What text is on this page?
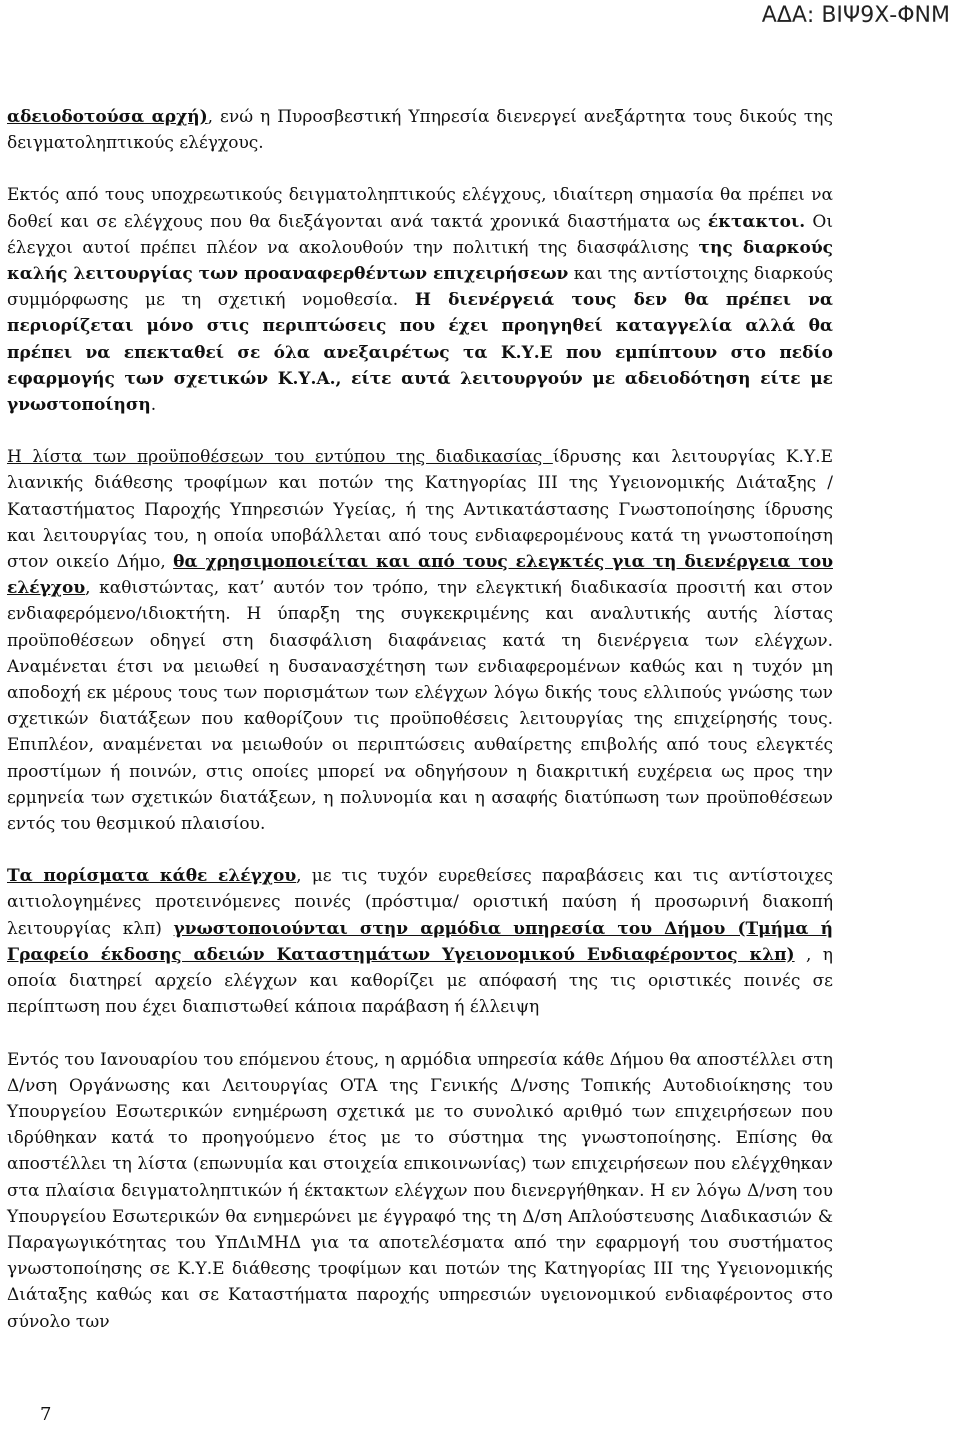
ΑΔΑ: ΒΙΨ9Χ-ΦΝΜ

αδειοδοτούσα αρχή), ενώ η Πυροσβεστική Υπηρεσία διενεργεί ανεξάρτητα τους δικούς της δειγματοληπτικούς ελέγχους.

Εκτός από τους υποχρεωτικούς δειγματοληπτικούς ελέγχους, ιδιαίτερη σημασία θα πρέπει να δοθεί και σε ελέγχους που θα διεξάγονται ανά τακτά χρονικά διαστήματα ως έκτακτοι. Οι έλεγχοι αυτοί πρέπει πλέον να ακολουθούν την πολιτική της διασφάλισης της διαρκούς καλής λειτουργίας των προαναφερθέντων επιχειρήσεων και της αντίστοιχης διαρκούς συμμόρφωσης με τη σχετική νομοθεσία. Η διενέργειά τους δεν θα πρέπει να περιορίζεται μόνο στις περιπτώσεις που έχει προηγηθεί καταγγελία αλλά θα πρέπει να επεκταθεί σε όλα ανεξαιρέτως τα Κ.Υ.Ε που εμπίπτουν στο πεδίο εφαρμογής των σχετικών Κ.Υ.Α., είτε αυτά λειτουργούν με αδειοδότηση είτε με γνωστοποίηση.

Η λίστα των προϋποθέσεων του εντύπου της διαδικασίας ίδρυσης και λειτουργίας Κ.Υ.Ε λιανικής διάθεσης τροφίμων και ποτών της Κατηγορίας ΙΙΙ της Υγειονομικής Διάταξης / Καταστήματος Παροχής Υπηρεσιών Υγείας, ή της Αντικατάστασης Γνωστοποίησης ίδρυσης και λειτουργίας του, η οποία υποβάλλεται από τους ενδιαφερομένους κατά τη γνωστοποίηση στον οικείο Δήμο, θα χρησιμοποιείται και από τους ελεγκτές για τη διενέργεια του ελέγχου, καθιστώντας, κατ’ αυτόν τον τρόπο, την ελεγκτική διαδικασία προσιτή και στον ενδιαφερόμενο/ιδιοκτήτη. Η ύπαρξη της συγκεκριμένης και αναλυτικής αυτής λίστας προϋποθέσεων οδηγεί στη διασφάλιση διαφάνειας κατά τη διενέργεια των ελέγχων. Αναμένεται έτσι να μειωθεί η δυσανασχέτηση των ενδιαφερομένων καθώς και η τυχόν μη αποδοχή εκ μέρους τους των πορισμάτων των ελέγχων λόγω δικής τους ελλιπούς γνώσης των σχετικών διατάξεων που καθορίζουν τις προϋποθέσεις λειτουργίας της επιχείρησής τους. Επιπλέον, αναμένεται να μειωθούν οι περιπτώσεις αυθαίρετης επιβολής από τους ελεγκτές προστίμων ή ποινών, στις οποίες μπορεί να οδηγήσουν η διακριτική ευχέρεια ως προς την ερμηνεία των σχετικών διατάξεων, η πολυνομία και η ασαφής διατύπωση των προϋποθέσεων εντός του θεσμικού πλαισίου.

Τα πορίσματα κάθε ελέγχου, με τις τυχόν ευρεθείσες παραβάσεις και τις αντίστοιχες αιτιολογημένες προτεινόμενες ποινές (πρόστιμα/ οριστική παύση ή προσωρινή διακοπή λειτουργίας κλπ) γνωστοποιούνται στην αρμόδια υπηρεσία του Δήμου (Τμήμα ή Γραφείο έκδοσης αδειών Καταστημάτων Υγειονομικού Ενδιαφέροντος κλπ) , η οποία διατηρεί αρχείο ελέγχων και καθορίζει με απόφασή της τις οριστικές ποινές σε περίπτωση που έχει διαπιστωθεί κάποια παράβαση ή έλλειψη

Εντός του Ιανουαρίου του επόμενου έτους, η αρμόδια υπηρεσία κάθε Δήμου θα αποστέλλει στη Δ/νση Οργάνωσης και Λειτουργίας ΟΤΑ της Γενικής Δ/νσης Τοπικής Αυτοδιοίκησης του Υπουργείου Εσωτερικών ενημέρωση σχετικά με το συνολικό αριθμό των επιχειρήσεων που ιδρύθηκαν κατά το προηγούμενο έτος με το σύστημα της γνωστοποίησης. Επίσης θα αποστέλλει τη λίστα (επωνυμία και στοιχεία επικοινωνίας) των επιχειρήσεων που ελέγχθηκαν στα πλαίσια δειγματοληπτικών ή έκτακτων ελέγχων που διενεργήθηκαν. Η εν λόγω Δ/νση του Υπουργείου Εσωτερικών θα ενημερώνει με έγγραφό της τη Δ/ση Απλούστευσης Διαδικασιών & Παραγωγικότητας του ΥπΔιΜΗΔ για τα αποτελέσματα από την εφαρμογή του συστήματος γνωστοποίησης σε Κ.Υ.Ε διάθεσης τροφίμων και ποτών της Κατηγορίας ΙΙΙ της Υγειονομικής Διάταξης καθώς και σε Καταστήματα παροχής υπηρεσιών υγειονομικού ενδιαφέροντος στο σύνολο των

7
